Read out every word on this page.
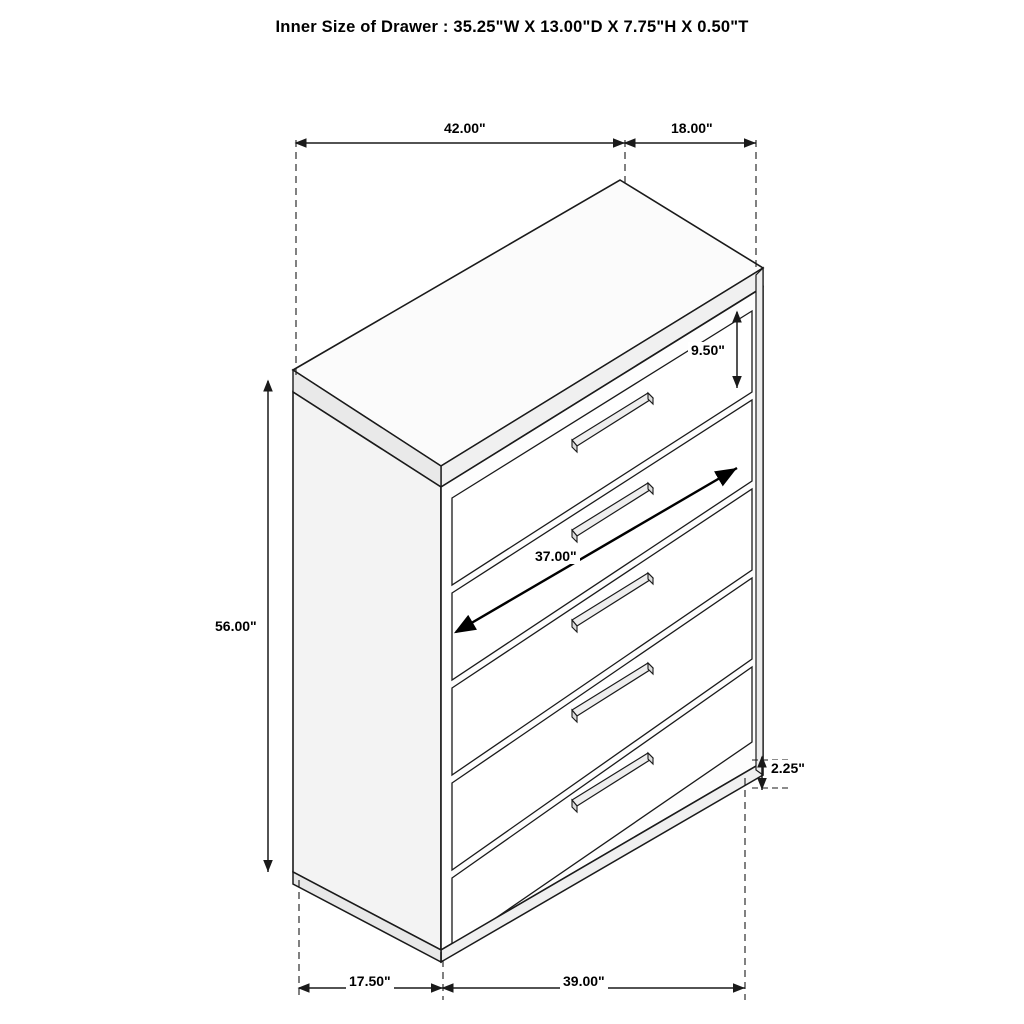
Inner Size of Drawer : 35.25"W X 13.00"D X 7.75"H X 0.50"T
42.00"	18.00"
9.50"
56.00"
37.00"
2.25"
17.50"	39.00"
